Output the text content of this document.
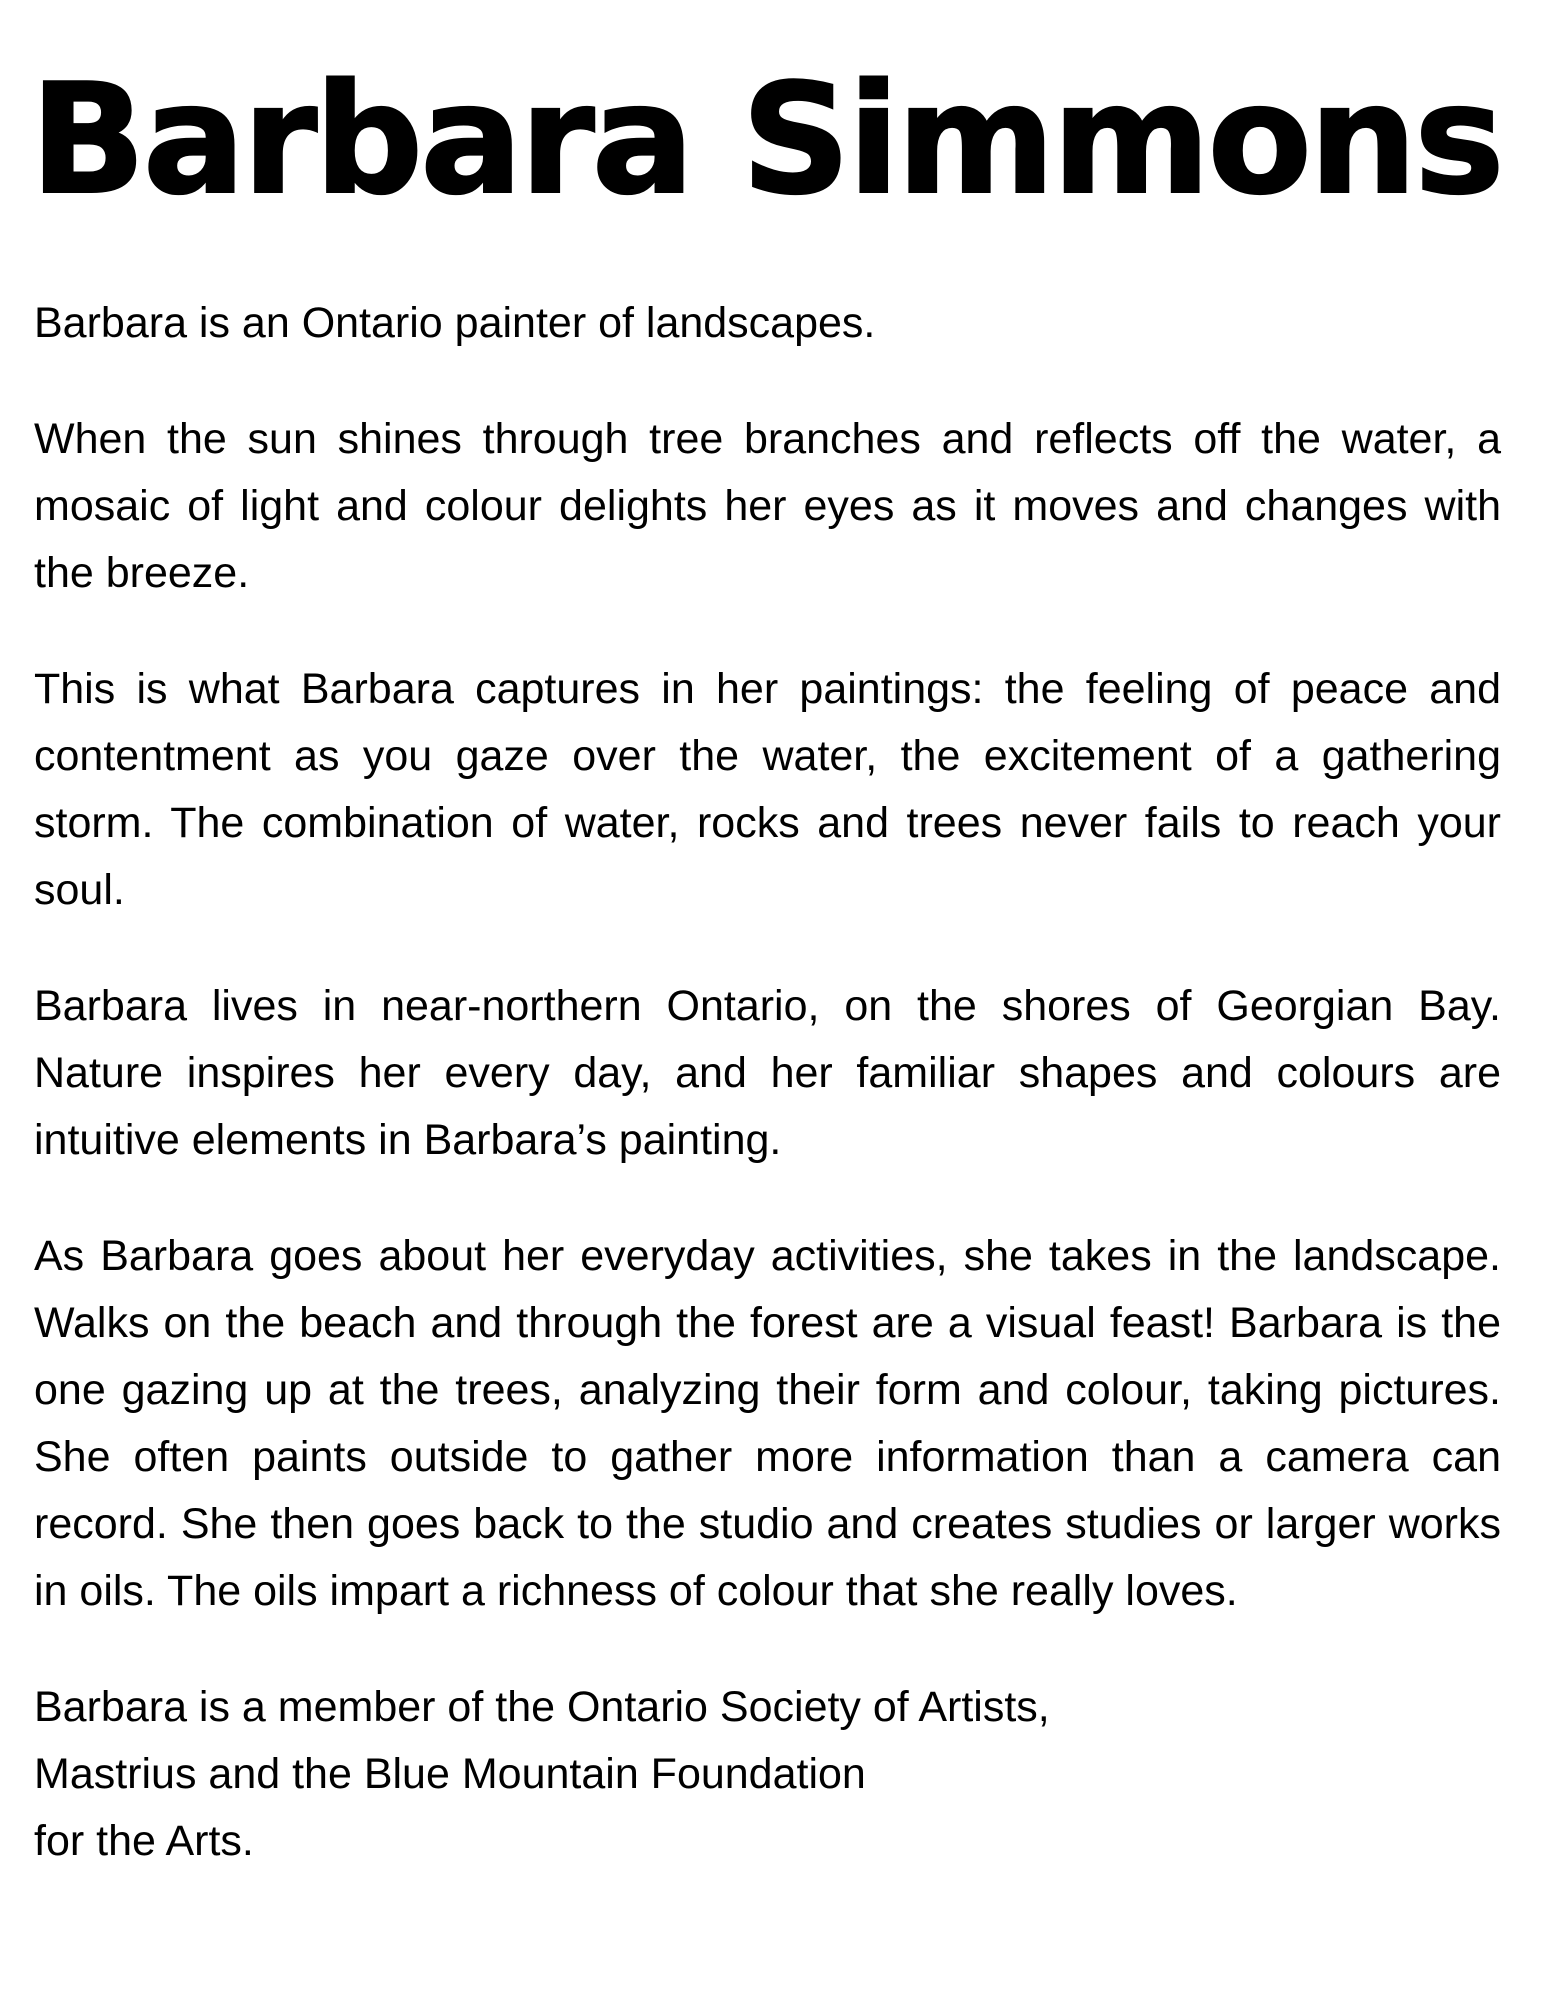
Barbara Simmons

Barbara is an Ontario painter of landscapes.

When the sun shines through tree branches and reflects off the water, a mosaic of light and colour delights her eyes as it moves and changes with the breeze.

This is what Barbara captures in her paintings: the feeling of peace and contentment as you gaze over the water, the excitement of a gathering storm. The combination of water, rocks and trees never fails to reach your soul.

Barbara lives in near-northern Ontario, on the shores of Georgian Bay. Nature inspires her every day, and her familiar shapes and colours are intuitive elements in Barbara’s painting.

As Barbara goes about her everyday activities, she takes in the landscape. Walks on the beach and through the forest are a visual feast! Barbara is the one gazing up at the trees, analyzing their form and colour, taking pictures. She often paints outside to gather more information than a camera can record. She then goes back to the studio and creates studies or larger works in oils. The oils impart a richness of colour that she really loves.

Barbara is a member of the Ontario Society of Artists,
Mastrius and the Blue Mountain Foundation
for the Arts.
